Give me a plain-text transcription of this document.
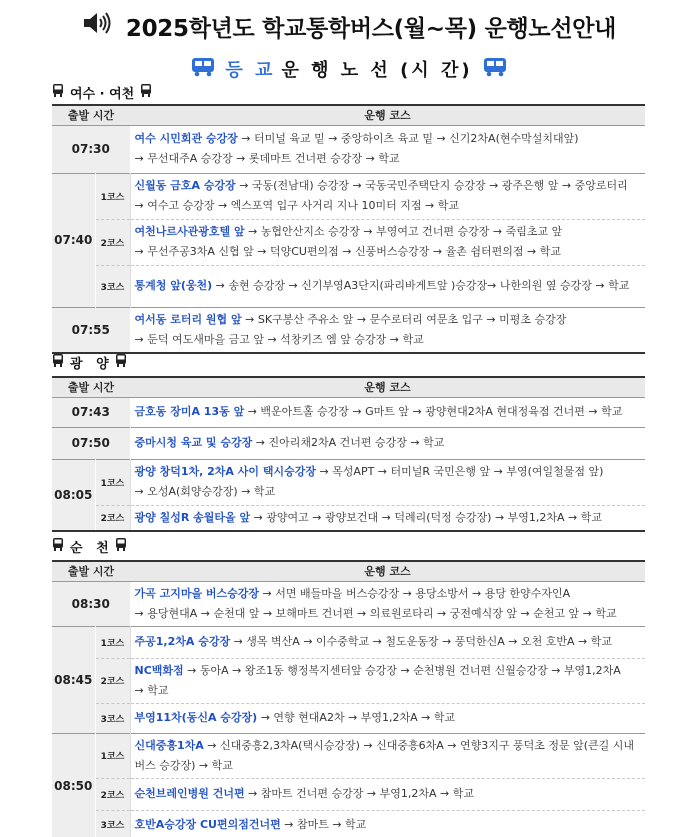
2025학년도 학교통학버스(월~목) 운행노선안내
등 교 운 행 노 선 (시 간)
여수 · 여천
출발 시간		운행 코스
07:30		여수 시민회관 승강장 → 터미널 육교 밑 → 중앙하이츠 육교 밑 → 신기2차A(현수막설치대앞)
→ 무선대주A 승강장 → 롯데마트 건너편 승강장 → 학교
07:40	1코스	신월동 금호A 승강장 → 국동(전남대) 승강장 → 국동국민주택단지 승강장 → 광주은행 앞 → 중앙로터리
→ 여수고 승강장 → 엑스포역 입구 사거리 지나 10미터 지점 → 학교
	2코스	여천나르사관광호텔 앞 → 농협안산지소 승강장 → 부영여고 건너편 승강장 → 죽림초교 앞
→ 무선주공3차A 신협 앞 → 덕양CU편의점 → 신풍버스승강장 → 율촌 쉼터편의점 → 학교
	3코스	통계청 앞(웅천) → 송현 승강장 → 신기부영A3단지(파리바게트앞 )승강장→ 나한의원 옆 승강장 → 학교
07:55		여서동 로터리 원협 앞 → SK구봉산 주유소 앞 → 문수로터리 여문초 입구 → 미평초 승강장
→ 둔덕 여도새마을 금고 앞 → 석창키즈 엠 앞 승강장 → 학교
광   양
출발 시간		운행 코스
07:43		금호동 장미A 13동 앞 → 백운아트홀 승강장 → G마트 앞 → 광양현대2차A 현대정육점 건너편 → 학교
07:50		중마시청 육교 및 승강장 → 진아리채2차A 건너편 승강장 → 학교
08:05	1코스	광양 창덕1차, 2차A 사이 택시승강장 → 목성APT → 터미널R 국민은행 앞 → 부영(여일철물점 앞)
→ 오성A(회양승강장) → 학교
	2코스	광양 칠성R 송월타올 앞 → 광양여고 → 광양보건대 → 덕례리(덕정 승강장) → 부영1,2차A → 학교
순   천
출발 시간		운행 코스
08:30		가곡 고지마을 버스승강장 → 서면 배들마을 버스승강장 → 용당소방서 → 용당 한양수자인A
→ 용당현대A → 순천대 앞 → 보해마트 건너편 → 의료원로타리 → 궁전예식장 앞 → 순천고 앞 → 학교
08:45	1코스	주공1,2차A 승강장 → 생목 벽산A → 이수중학교 → 철도운동장 → 풍덕한신A → 오천 호반A → 학교
	2코스	NC백화점 → 동아A → 왕조1동 행정복지센터앞 승강장 → 순천병원 건너편 신월승강장 → 부영1,2차A
→ 학교
	3코스	부영11차(동신A 승강장) → 연향 현대A2차 → 부영1,2차A → 학교
08:50	1코스	신대중흥1차A → 신대중흥2,3차A(택시승강장) → 신대중흥6차A → 연향3지구 풍덕초 정문 앞(큰길 시내
버스 승강장) → 학교
	2코스	순천브레인병원 건너편 → 참마트 건너편 승강장 → 부영1,2차A → 학교
	3코스	호반A승강장 CU편의점건너편 → 참마트 → 학교
